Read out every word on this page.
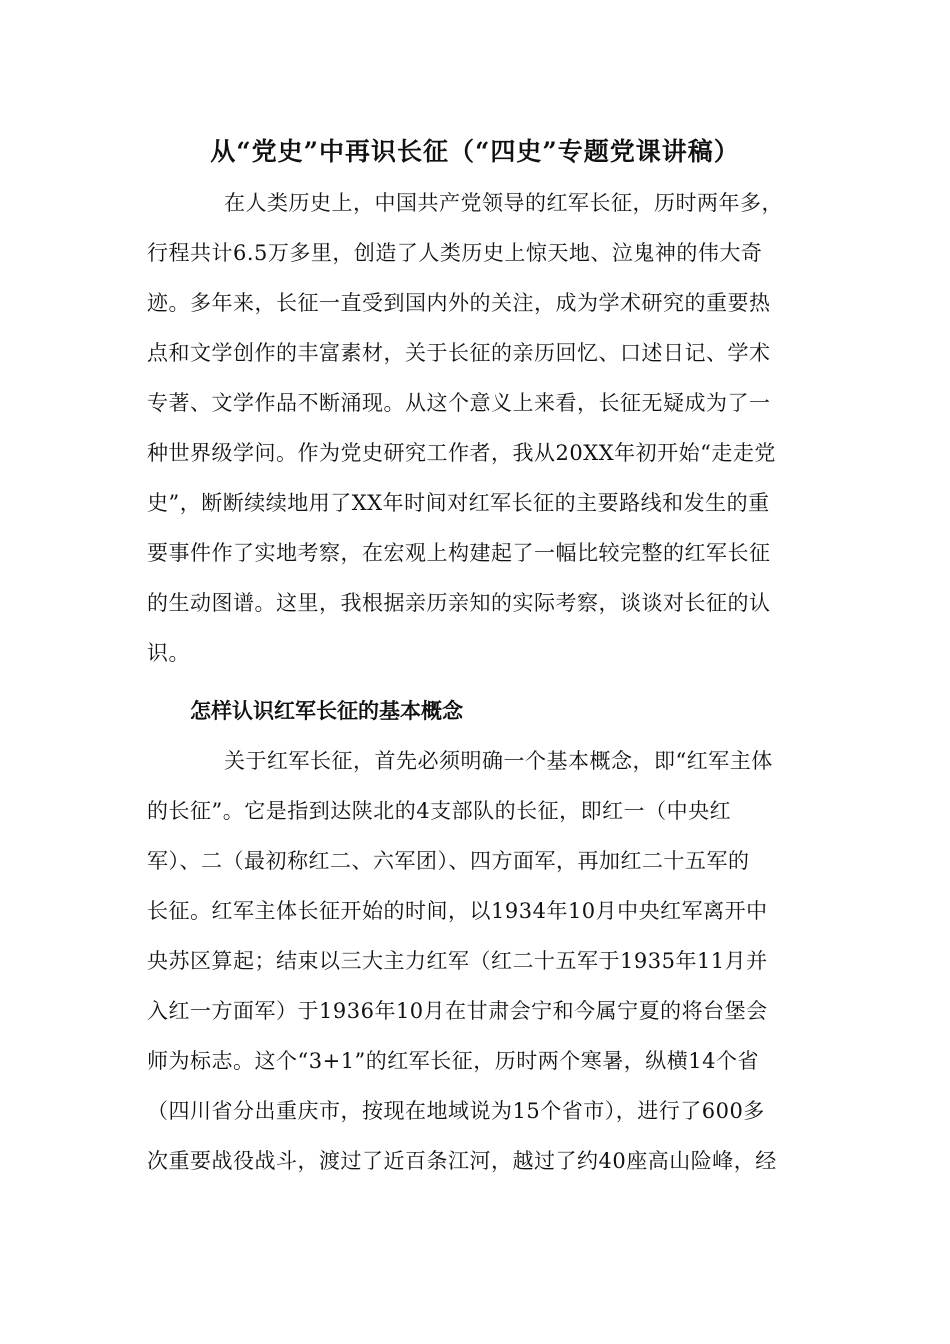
从“党史”中再识长征（“四史”专题党课讲稿）
在人类历史上，中国共产党领导的红军长征，历时两年多，
行程共计6.5万多里，创造了人类历史上惊天地、泣鬼神的伟大奇
迹。多年来，长征一直受到国内外的关注，成为学术研究的重要热
点和文学创作的丰富素材，关于长征的亲历回忆、口述日记、学术
专著、文学作品不断涌现。从这个意义上来看，长征无疑成为了一
种世界级学问。作为党史研究工作者，我从20XX年初开始“走走党
史”，断断续续地用了XX年时间对红军长征的主要路线和发生的重
要事件作了实地考察，在宏观上构建起了一幅比较完整的红军长征
的生动图谱。这里，我根据亲历亲知的实际考察，谈谈对长征的认
识。
怎样认识红军长征的基本概念
关于红军长征，首先必须明确一个基本概念，即“红军主体
的长征”。它是指到达陕北的4支部队的长征，即红一（中央红
军）、二（最初称红二、六军团）、四方面军，再加红二十五军的
长征。红军主体长征开始的时间，以1934年10月中央红军离开中
央苏区算起；结束以三大主力红军（红二十五军于1935年11月并
入红一方面军）于1936年10月在甘肃会宁和今属宁夏的将台堡会
师为标志。这个“3+1”的红军长征，历时两个寒暑，纵横14个省
（四川省分出重庆市，按现在地域说为15个省市），进行了600多
次重要战役战斗，渡过了近百条江河，越过了约40座高山险峰，经
